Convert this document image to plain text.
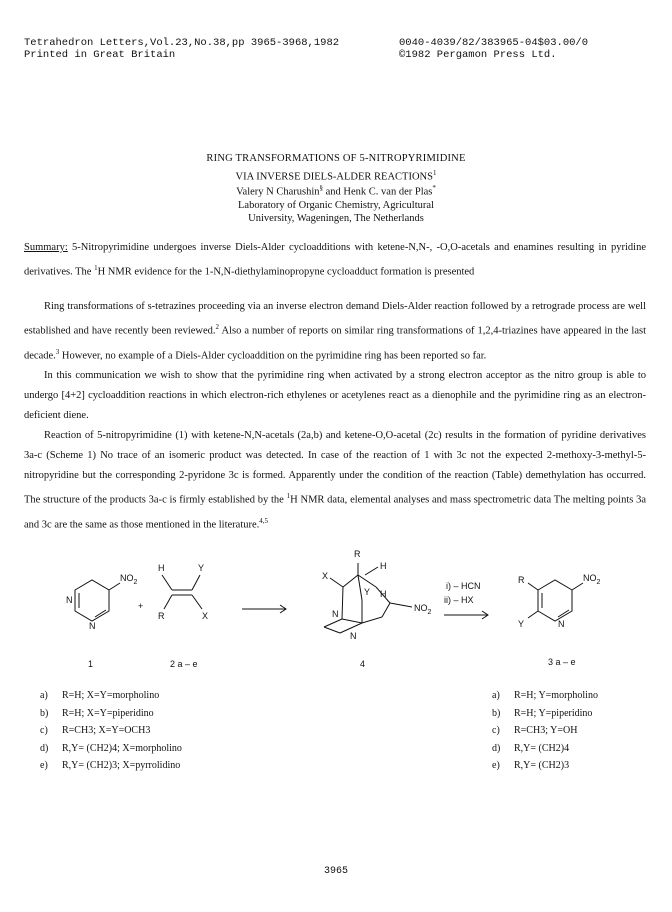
Tetrahedron Letters,Vol.23,No.38,pp 3965-3968,1982
Printed in Great Britain
0040-4039/82/383965-04$03.00/0
©1982 Pergamon Press Ltd.
RING TRANSFORMATIONS OF 5-NITROPYRIMIDINE
VIA INVERSE DIELS-ALDER REACTIONS$^1$
Valery N Charushin§ and Henk C. van der Plas*
Laboratory of Organic Chemistry, Agricultural
University, Wageningen, The Netherlands
Summary: 5-Nitropyrimidine undergoes inverse Diels-Alder cycloadditions with ketene-N,N-, -O,O-acetals and enamines resulting in pyridine derivatives. The $^1$H NMR evidence for the 1-N,N-diethylaminopropyne cycloadduct formation is presented

Ring transformations of s-tetrazines proceeding via an inverse electron demand Diels-Alder reaction followed by a retrograde process are well established and have recently been reviewed.$^2$ Also a number of reports on similar ring transformations of 1,2,4-triazines have appeared in the last decade.$^3$ However, no example of a Diels-Alder cycloaddition on the pyrimidine ring has been reported so far.

In this communication we wish to show that the pyrimidine ring when activated by a strong electron acceptor as the nitro group is able to undergo [4+2] cycloaddition reactions in which electron-rich ethylenes or acetylenes react as a dienophile and the pyrimidine ring as an electron-deficient diene.

Reaction of 5-nitropyrimidine (1) with ketene-N,N-acetals (2a,b) and ketene-O,O-acetal (2c) results in the formation of pyridine derivatives 3a-c (Scheme 1) No trace of an isomeric product was detected. In case of the reaction of 1 with 3c not the expected 2-methoxy-3-methyl-5-nitropyridine but the corresponding 2-pyridone 3c is formed. Apparently under the condition of the reaction (Table) demethylation has occurred. The structure of the products 3a-c is firmly established by the $^1$H NMR data, elemental analyses and mass spectrometric data The melting points 3a and 3c are the same as those mentioned in the literature.$^{4,5}$

$NO_2$
N
N
1
+
H	Y
R	X
2 a – e
R
X
H
Y H
N
N
$NO_2$
4
i) – HCN
ii) – HX
R	$NO_2$
Y	N
3 a – e
a) R=H; X=Y=morpholino
b) R=H; X=Y=piperidino
c) R=CH3; X=Y=OCH3
d) R,Y= (CH2)4; X=morpholino
e) R,Y= (CH2)3; X=pyrrolidino
a) R=H; Y=morpholino
b) R=H; Y=piperidino
c) R=CH3; Y=OH
d) R,Y= (CH2)4
e) R,Y= (CH2)3
3965
